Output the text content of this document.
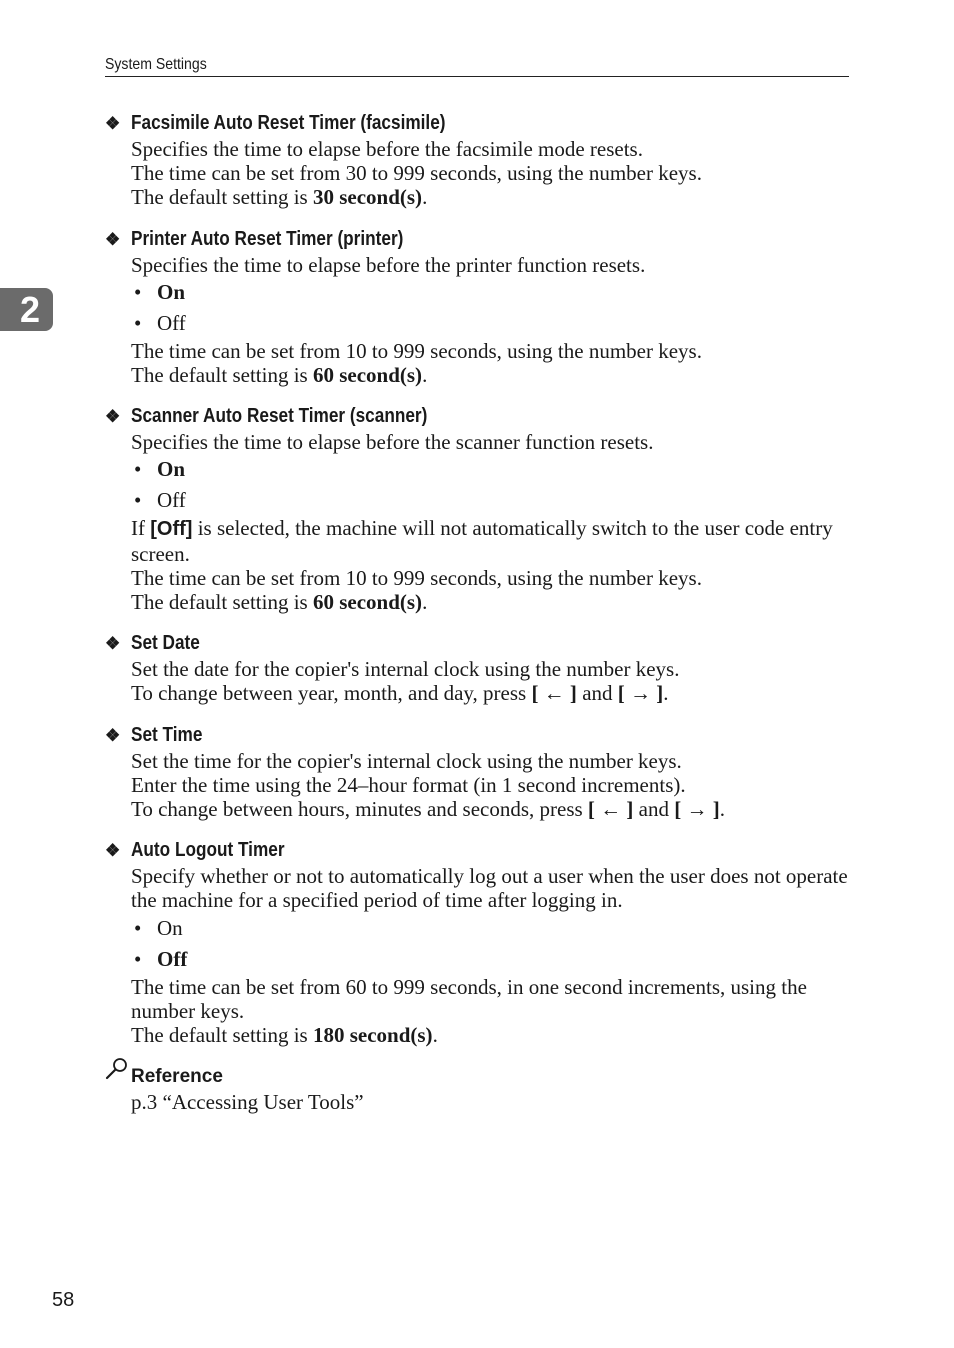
System Settings
2
❖ Facsimile Auto Reset Timer (facsimile)

Specifies the time to elapse before the facsimile mode resets.

The time can be set from 30 to 999 seconds, using the number keys.

The default setting is 30 second(s).

❖ Printer Auto Reset Timer (printer)

Specifies the time to elapse before the printer function resets.

• On
• Off

The time can be set from 10 to 999 seconds, using the number keys.

The default setting is 60 second(s).

❖ Scanner Auto Reset Timer (scanner)

Specifies the time to elapse before the scanner function resets.

• On
• Off

If [Off] is selected, the machine will not automatically switch to the user code entry screen.

The time can be set from 10 to 999 seconds, using the number keys.

The default setting is 60 second(s).

❖ Set Date

Set the date for the copier's internal clock using the number keys.

To change between year, month, and day, press [ ← ] and [ → ].

❖ Set Time

Set the time for the copier's internal clock using the number keys.

Enter the time using the 24–hour format (in 1 second increments).

To change between hours, minutes and seconds, press [ ← ] and [ → ].

❖ Auto Logout Timer

Specify whether or not to automatically log out a user when the user does not operate the machine for a specified period of time after logging in.

• On
• Off

The time can be set from 60 to 999 seconds, in one second increments, using the number keys.

The default setting is 180 second(s).

Reference

p.3 “Accessing User Tools”

58
